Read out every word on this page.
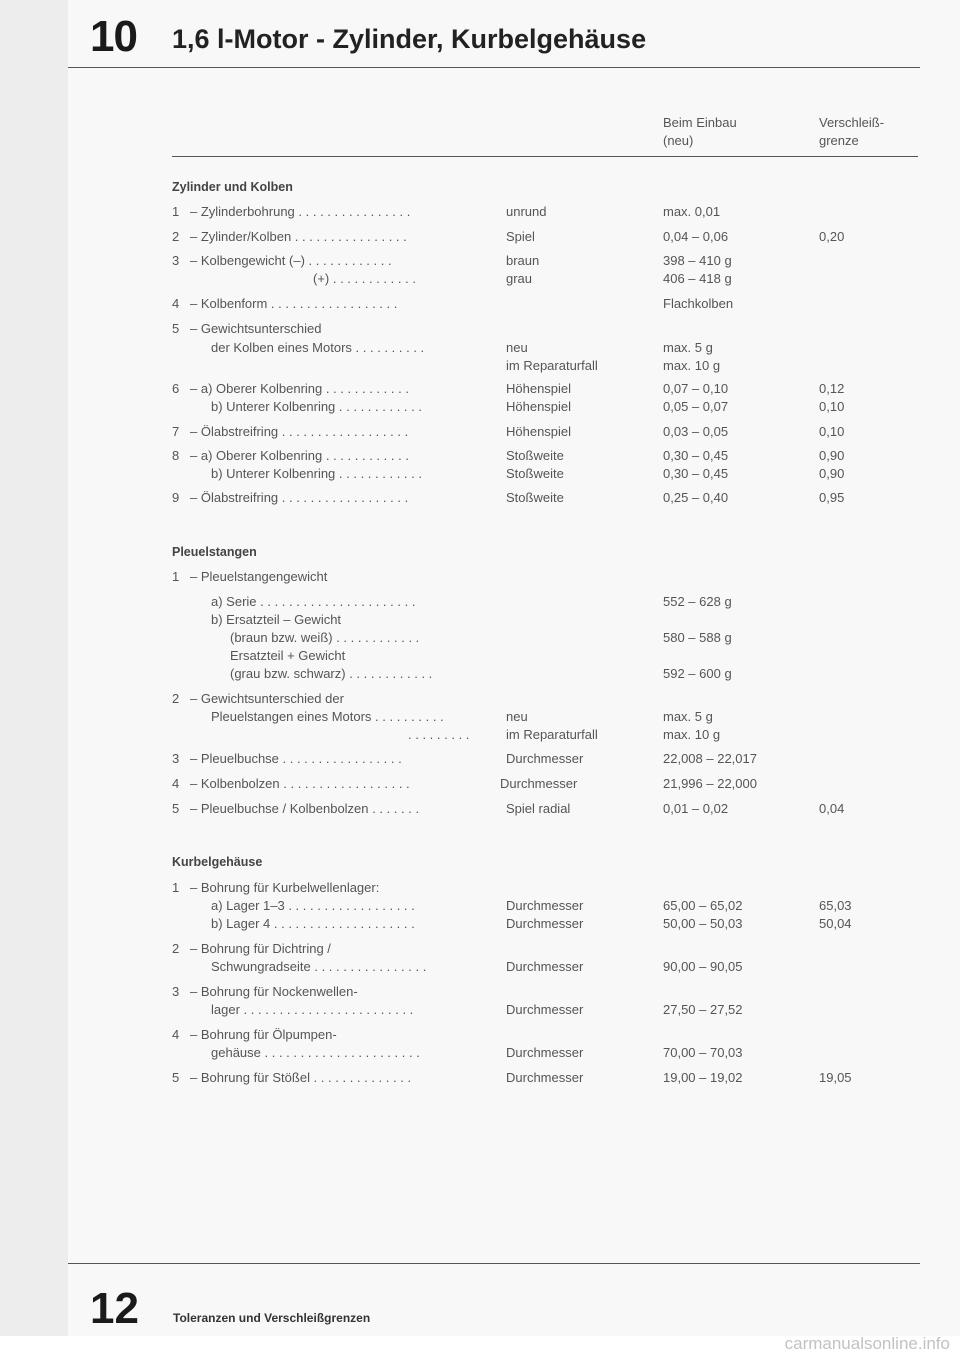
10 1,6 l-Motor - Zylinder, Kurbelgehäuse
Beim Einbau
(neu)
Verschleiß-
grenze
Zylinder und Kolben
1 – Zylinderbohrung . . . . . . . . . . . . . . . .	unrund	max. 0,01
2 – Zylinder/Kolben . . . . . . . . . . . . . . . .	Spiel	0,04 – 0,06	0,20
3 – Kolbengewicht (–) . . . . . . . . . . . .	braun	398 – 410 g
(+) . . . . . . . . . . . .	grau	406 – 418 g
4 – Kolbenform . . . . . . . . . . . . . . . . . .	Flachkolben
5 – Gewichtsunterschied
der Kolben eines Motors . . . . . . . . . .	neu	max. 5 g
im Reparaturfall	max. 10 g
6 – a) Oberer Kolbenring . . . . . . . . . . . .	Höhenspiel	0,07 – 0,10	0,12
b) Unterer Kolbenring . . . . . . . . . . . .	Höhenspiel	0,05 – 0,07	0,10
7 – Ölabstreifring . . . . . . . . . . . . . . . . . .	Höhenspiel	0,03 – 0,05	0,10
8 – a) Oberer Kolbenring . . . . . . . . . . . .	Stoßweite	0,30 – 0,45	0,90
b) Unterer Kolbenring . . . . . . . . . . . .	Stoßweite	0,30 – 0,45	0,90
9 – Ölabstreifring . . . . . . . . . . . . . . . . . .	Stoßweite	0,25 – 0,40	0,95
Pleuelstangen
1 – Pleuelstangengewicht
a) Serie . . . . . . . . . . . . . . . . . . . . . .	552 – 628 g
b) Ersatzteil – Gewicht
(braun bzw. weiß) . . . . . . . . . . . .	580 – 588 g
Ersatzteil + Gewicht
(grau bzw. schwarz) . . . . . . . . . . . .	592 – 600 g
2 – Gewichtsunterschied der
Pleuelstangen eines Motors . . . . . . . . . .	neu	max. 5 g
. . . . . . . . .	im Reparaturfall	max. 10 g
3 – Pleuelbuchse . . . . . . . . . . . . . . . . .	Durchmesser	22,008 – 22,017
4 – Kolbenbolzen . . . . . . . . . . . . . . . . . .	Durchmesser	21,996 – 22,000
5 – Pleuelbuchse / Kolbenbolzen . . . . . . .	Spiel radial	0,01 – 0,02	0,04
Kurbelgehäuse
1 – Bohrung für Kurbelwellenlager:
a) Lager 1–3 . . . . . . . . . . . . . . . . . .	Durchmesser	65,00 – 65,02	65,03
b) Lager 4 . . . . . . . . . . . . . . . . . . . .	Durchmesser	50,00 – 50,03	50,04
2 – Bohrung für Dichtring /
Schwungradseite . . . . . . . . . . . . . . . .	Durchmesser	90,00 – 90,05
3 – Bohrung für Nockenwellen-
lager . . . . . . . . . . . . . . . . . . . . . . . .	Durchmesser	27,50 – 27,52
4 – Bohrung für Ölpumpen-
gehäuse . . . . . . . . . . . . . . . . . . . . . .	Durchmesser	70,00 – 70,03
5 – Bohrung für Stößel . . . . . . . . . . . . . .	Durchmesser	19,00 – 19,02	19,05
12	Toleranzen und Verschleißgrenzen
carmanualsonline.info
